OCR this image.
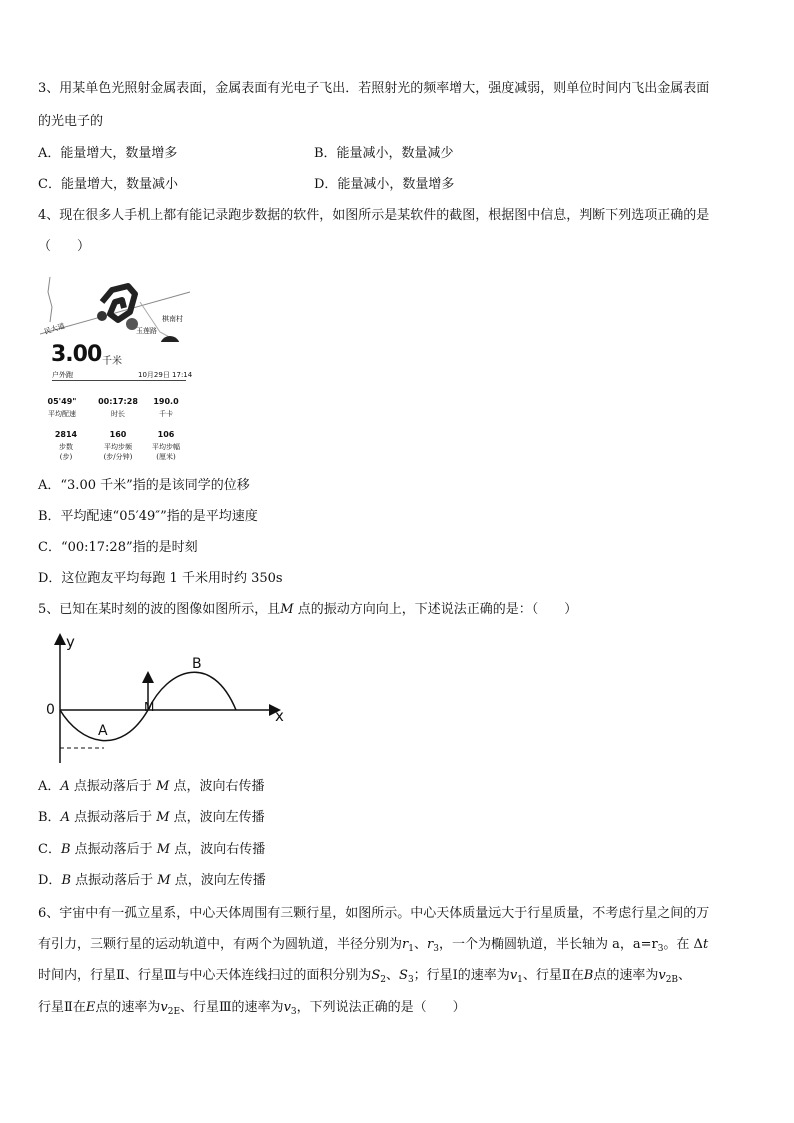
3、用某单色光照射金属表面，金属表面有光电子飞出．若照射光的频率增大，强度减弱，则单位时间内飞出金属表面
的光电子的
A．能量增大，数量增多	B．能量减小，数量减少
C．能量增大，数量减小	D．能量减小，数量增多
4、现在很多人手机上都有能记录跑步数据的软件，如图所示是某软件的截图，根据图中信息，判断下列选项正确的是
（　　）
民大道	玉莲路
棋南村
3.00 千米
户外跑	10月29日 17:14
05'49"
平均配速
00:17:28
时长
190.0
千卡
2814
步数
(步)
160
平均步频
(步/分钟)
106
平均步幅
(厘米)
A．“3.00 千米”指的是该同学的位移
B．平均配速“05′49″”指的是平均速度
C．“00:17:28”指的是时刻
D．这位跑友平均每跑 1 千米用时约 350s
5、已知在某时刻的波的图像如图所示，且M 点的振动方向向上，下述说法正确的是：（　　）
y
x
0
A
B
M
A．A 点振动落后于 M 点，波向右传播
B．A 点振动落后于 M 点，波向左传播
C．B 点振动落后于 M 点，波向右传播
D．B 点振动落后于 M 点，波向左传播
6、宇宙中有一孤立星系，中心天体周围有三颗行星，如图所示。中心天体质量远大于行星质量，不考虑行星之间的万
有引力，三颗行星的运动轨道中，有两个为圆轨道，半径分别为$r_1$、$r_3$，一个为椭圆轨道，半长轴为 a，$a=r_3$。在 Δt
时间内，行星Ⅱ、行星Ⅲ与中心天体连线扫过的面积分别为$S_2$、$S_3$；行星Ⅰ的速率为$v_1$、行星Ⅱ在B点的速率为$v_{2B}$、
行星Ⅱ在E点的速率为$v_{2E}$、行星Ⅲ的速率为$v_3$，下列说法正确的是（　　）
